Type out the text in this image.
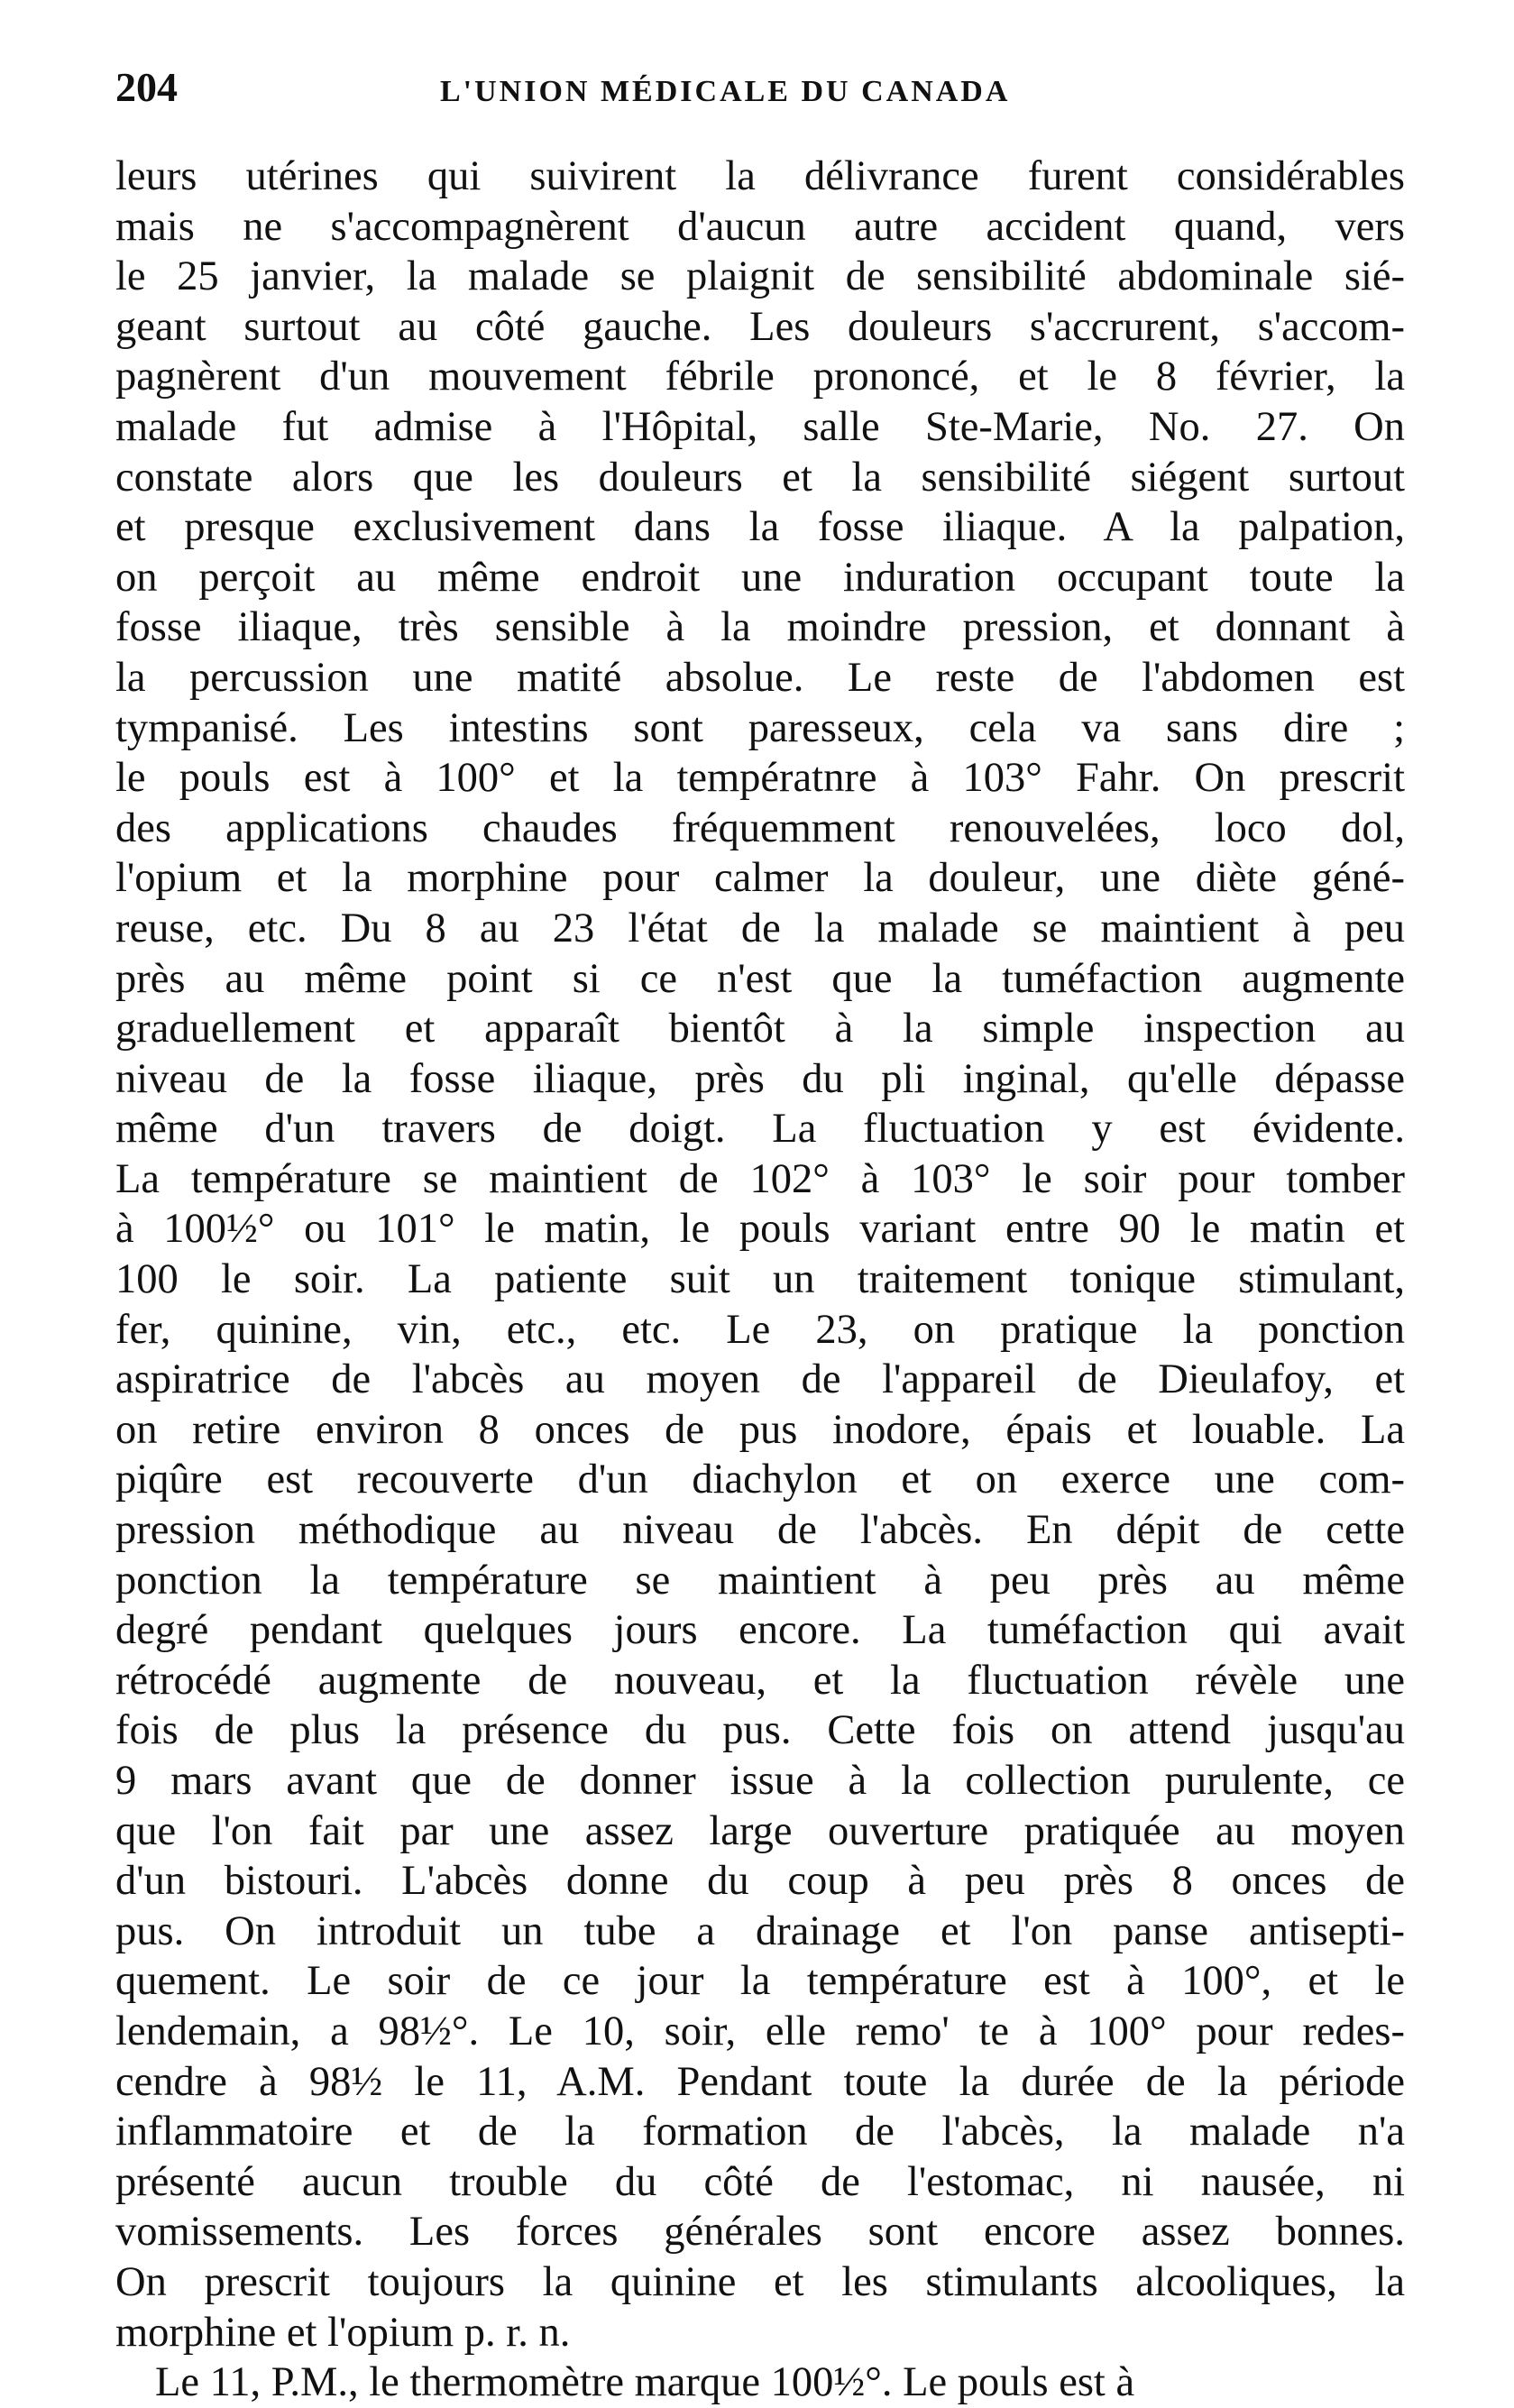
204	L'UNION MÉDICALE DU CANADA
leurs utérines qui suivirent la délivrance furent considérables
mais ne s'accompagnèrent d'aucun autre accident quand, vers
le 25 janvier, la malade se plaignit de sensibilité abdominale sié-
geant surtout au côté gauche. Les douleurs s'accrurent, s'accom-
pagnèrent d'un mouvement fébrile prononcé, et le 8 février, la
malade fut admise à l'Hôpital, salle Ste-Marie, No. 27. On
constate alors que les douleurs et la sensibilité siégent surtout
et presque exclusivement dans la fosse iliaque. A la palpation,
on perçoit au même endroit une induration occupant toute la
fosse iliaque, très sensible à la moindre pression, et donnant à
la percussion une matité absolue. Le reste de l'abdomen est
tympanisé. Les intestins sont paresseux, cela va sans dire ;
le pouls est à 100° et la températnre à 103° Fahr. On prescrit
des applications chaudes fréquemment renouvelées, loco dol,
l'opium et la morphine pour calmer la douleur, une diète géné-
reuse, etc. Du 8 au 23 l'état de la malade se maintient à peu
près au même point si ce n'est que la tuméfaction augmente
graduellement et apparaît bientôt à la simple inspection au
niveau de la fosse iliaque, près du pli inginal, qu'elle dépasse
même d'un travers de doigt. La fluctuation y est évidente.
La température se maintient de 102° à 103° le soir pour tomber
à 100½° ou 101° le matin, le pouls variant entre 90 le matin et
100 le soir. La patiente suit un traitement tonique stimulant,
fer, quinine, vin, etc., etc. Le 23, on pratique la ponction
aspiratrice de l'abcès au moyen de l'appareil de Dieulafoy, et
on retire environ 8 onces de pus inodore, épais et louable. La
piqûre est recouverte d'un diachylon et on exerce une com-
pression méthodique au niveau de l'abcès. En dépit de cette
ponction la température se maintient à peu près au même
degré pendant quelques jours encore. La tuméfaction qui avait
rétrocédé augmente de nouveau, et la fluctuation révèle une
fois de plus la présence du pus. Cette fois on attend jusqu'au
9 mars avant que de donner issue à la collection purulente, ce
que l'on fait par une assez large ouverture pratiquée au moyen
d'un bistouri. L'abcès donne du coup à peu près 8 onces de
pus. On introduit un tube a drainage et l'on panse antisepti-
quement. Le soir de ce jour la température est à 100°, et le
lendemain, a 98½°. Le 10, soir, elle remo' te à 100° pour redes-
cendre à 98½ le 11, A.M. Pendant toute la durée de la période
inflammatoire et de la formation de l'abcès, la malade n'a
présenté aucun trouble du côté de l'estomac, ni nausée, ni
vomissements. Les forces générales sont encore assez bonnes.
On prescrit toujours la quinine et les stimulants alcooliques, la
morphine et l'opium p. r. n.
Le 11, P.M., le thermomètre marque 100½°. Le pouls est à
